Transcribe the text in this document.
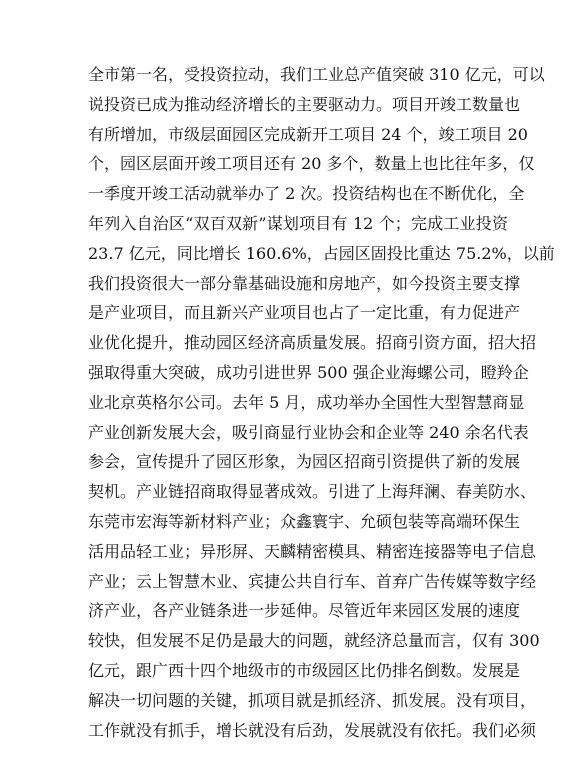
全市第一名，受投资拉动，我们工业总产值突破 310 亿元，可以
说投资已成为推动经济增长的主要驱动力。项目开竣工数量也
有所增加，市级层面园区完成新开工项目 24 个，竣工项目 20
个，园区层面开竣工项目还有 20 多个，数量上也比往年多，仅
一季度开竣工活动就举办了 2 次。投资结构也在不断优化，全
年列入自治区“双百双新”谋划项目有 12 个；完成工业投资
23.7 亿元，同比增长 160.6%，占园区固投比重达 75.2%，以前
我们投资很大一部分靠基础设施和房地产，如今投资主要支撑
是产业项目，而且新兴产业项目也占了一定比重，有力促进产
业优化提升，推动园区经济高质量发展。招商引资方面，招大招
强取得重大突破，成功引进世界 500 强企业海螺公司，瞪羚企
业北京英格尔公司。去年 5 月，成功举办全国性大型智慧商显
产业创新发展大会，吸引商显行业协会和企业等 240 余名代表
参会，宣传提升了园区形象，为园区招商引资提供了新的发展
契机。产业链招商取得显著成效。引进了上海拜澜、春美防水、
东莞市宏海等新材料产业；众鑫寰宇、允硕包装等高端环保生
活用品轻工业；异形屏、天麟精密模具、精密连接器等电子信息
产业；云上智慧木业、宾捷公共自行车、首弃广告传媒等数字经
济产业，各产业链条进一步延伸。尽管近年来园区发展的速度
较快，但发展不足仍是最大的问题，就经济总量而言，仅有 300
亿元，跟广西十四个地级市的市级园区比仍排名倒数。发展是
解决一切问题的关键，抓项目就是抓经济、抓发展。没有项目，
工作就没有抓手，增长就没有后劲，发展就没有依托。我们必须
